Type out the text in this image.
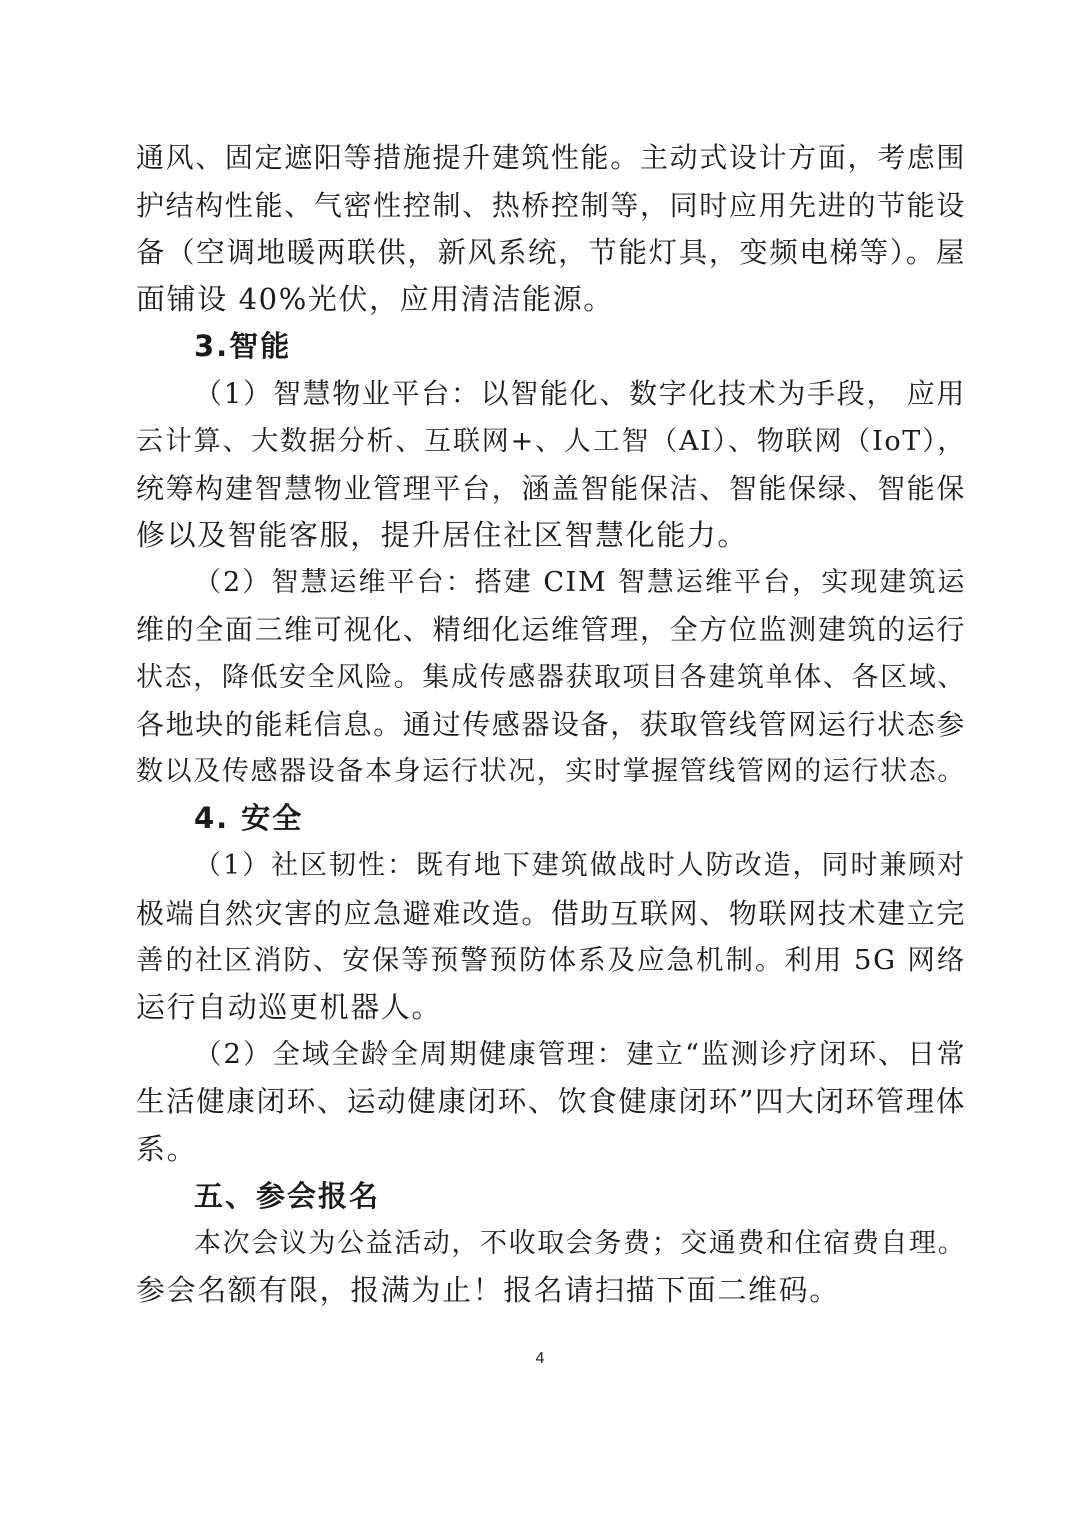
通风、固定遮阳等措施提升建筑性能。主动式设计方面，考虑围
护结构性能、气密性控制、热桥控制等，同时应用先进的节能设
备（空调地暖两联供，新风系统，节能灯具，变频电梯等）。屋
面铺设 40%光伏，应用清洁能源。
3.智能
（1）智慧物业平台：以智能化、数字化技术为手段， 应用
云计算、大数据分析、互联网+、人工智（AI）、物联网（IoT），
统筹构建智慧物业管理平台，涵盖智能保洁、智能保绿、智能保
修以及智能客服，提升居住社区智慧化能力。
（2）智慧运维平台：搭建 CIM 智慧运维平台，实现建筑运
维的全面三维可视化、精细化运维管理，全方位监测建筑的运行
状态，降低安全风险。集成传感器获取项目各建筑单体、各区域、
各地块的能耗信息。通过传感器设备，获取管线管网运行状态参
数以及传感器设备本身运行状况，实时掌握管线管网的运行状态。
4. 安全
（1）社区韧性：既有地下建筑做战时人防改造，同时兼顾对
极端自然灾害的应急避难改造。借助互联网、物联网技术建立完
善的社区消防、安保等预警预防体系及应急机制。利用 5G 网络
运行自动巡更机器人。
（2）全域全龄全周期健康管理：建立“监测诊疗闭环、日常
生活健康闭环、运动健康闭环、饮食健康闭环”四大闭环管理体
系。
五、参会报名
本次会议为公益活动，不收取会务费；交通费和住宿费自理。
参会名额有限，报满为止！报名请扫描下面二维码。
4
